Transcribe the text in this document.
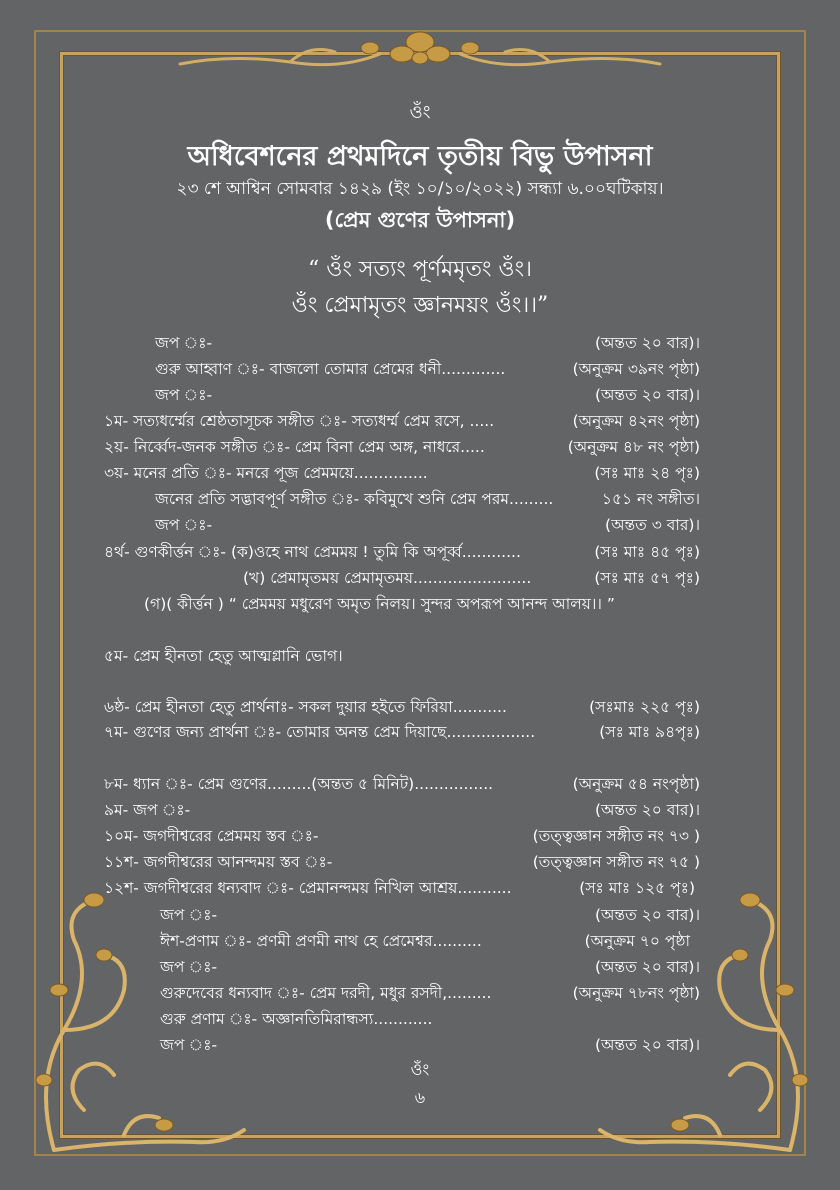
ওঁং
অধিবেশনের প্রথমদিনে তৃতীয় বিভু উপাসনা
২৩ শে আশ্বিন সোমবার ১৪২৯ (ইং ১০/১০/২০২২) সন্ধ্যা ৬.০০ঘটিকায়।
(প্রেম গুণের উপাসনা)
“ ওঁং সত্যং পূর্ণমমৃতং ওঁং।
ওঁং প্রেমামৃতং জ্ঞানময়ং ওঁং।।”
জপ ঃ-	(অন্তত ২০ বার)।
গুরু আহ্বাণ ঃ- বাজলো তোমার প্রেমের ধনী.............	(অনুক্রম ৩৯নং পৃষ্ঠা)
জপ ঃ-	(অন্তত ২০ বার)।
১ম- সত্যধর্ম্মের শ্রেষ্ঠতাসূচক সঙ্গীত ঃ- সত্যধর্ম্ম প্রেম রসে, .....	(অনুক্রম ৪২নং পৃষ্ঠা)
২য়- নির্ব্বেদ-জনক সঙ্গীত ঃ- প্রেম বিনা প্রেম অঙ্গ, নাধরে.....	(অনুক্রম ৪৮ নং পৃষ্ঠা)
৩য়- মনের প্রতি ঃ- মনরে পূজ প্রেমময়ে...............	(সঃ মাঃ ২৪ পৃঃ)
জনের প্রতি সদ্ভাবপূর্ণ সঙ্গীত ঃ- কবিমুখে শুনি প্রেম পরম.........	১৫১ নং সঙ্গীত।
জপ ঃ-	(অন্তত ৩ বার)।
৪র্থ- গুণকীর্ত্তন ঃ- (ক)ওহে নাথ প্রেমময় ! তুমি কি অপূর্ব্ব............	(সঃ মাঃ ৪৫ পৃঃ)
(খ) প্রেমামৃতময় প্রেমামৃতময়........................	(সঃ মাঃ ৫৭ পৃঃ)
(গ)( কীর্ত্তন ) “ প্রেমময় মধুরেণ অমৃত নিলয়। সুন্দর অপরূপ আনন্দ আলয়।। ”
৫ম- প্রেম হীনতা হেতু আত্মগ্লানি ভোগ।
৬ষ্ঠ- প্রেম হীনতা হেতু প্রার্থনাঃ- সকল দুয়ার হইতে ফিরিয়া...........	(সঃমাঃ ২২৫ পৃঃ)
৭ম- গুণের জন্য প্রার্থনা ঃ- তোমার অনন্ত প্রেম দিয়াছে..................	(সঃ মাঃ ৯৪পৃঃ)
৮ম- ধ্যান ঃ- প্রেম গুণের.........(অন্তত ৫ মিনিট)................	(অনুক্রম ৫৪ নংপৃষ্ঠা)
৯ম- জপ ঃ-	(অন্তত ২০ বার)।
১০ম- জগদীশ্বরের প্রেমময় স্তব ঃ-	(তত্ত্বজ্ঞান সঙ্গীত নং ৭৩ )
১১শ- জগদীশ্বরের আনন্দময় স্তব ঃ-	(তত্ত্বজ্ঞান সঙ্গীত নং ৭৫ )
১২শ- জগদীশ্বরের ধন্যবাদ ঃ- প্রেমানন্দময় নিখিল আশ্রয়...........	(সঃ মাঃ ১২৫ পৃঃ)
জপ ঃ-	(অন্তত ২০ বার)।
ঈশ-প্রণাম ঃ- প্রণমী প্রণমী নাথ হে প্রেমেশ্বর..........	(অনুক্রম ৭০ পৃষ্ঠা
জপ ঃ-	(অন্তত ২০ বার)।
গুরুদেবের ধন্যবাদ ঃ- প্রেম দরদী, মধুর রসদী,.........	(অনুক্রম ৭৮নং পৃষ্ঠা)
গুরু প্রণাম ঃ- অজ্ঞানতিমিরান্ধস্য............
জপ ঃ-	(অন্তত ২০ বার)।
ওঁং
৬
